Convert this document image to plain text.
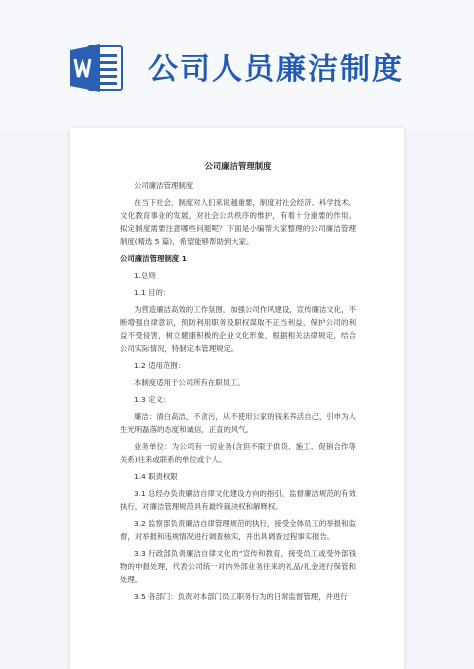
公司人员廉洁制度
公司廉洁管理制度

公司廉洁管理制度

在当下社会，制度对人们来说越重要，制度对社会经济、科学技术、文化教育事业的发展，对社会公共秩序的维护，有着十分重要的作用。拟定制度需要注意哪些问题呢？下面是小编帮大家整理的公司廉洁管理制度(精选 5 篇)，希望能够帮助到大家。

公司廉洁管理制度 1

1.总则

1.1 目的：

为营造廉洁高效的工作氛围，加强公司作风建设，宣传廉洁文化，不断增强自律意识，预防利用职务及职权谋取不正当利益，保护公司的利益不受侵害，树立健康积极的企业文化形象，根据相关法律规定，结合公司实际情况，特制定本管理规定。

1.2 适用范围：

本制度适用于公司所有在职员工。

1.3 定义：

廉洁：清白高洁，不贪污，从不使用公家的钱来养活自己，引申为人生光明磊落的态度和诚信，正直的风气。

业务单位：为公司有一切业务(含但不限于供货、施工、促销合作等关系)往来或联系的单位或个人。

1.4 职责权限

3.1 总经办负责廉洁自律文化建设方向的指引，监督廉洁规范的有效执行，对廉洁管理规范具有最终裁决权和解释权。

3.2 监察部负责廉洁自律管理规范的执行，接受全体员工的举报和监督，对举报和违规情况进行调查核实，并出具调查过程事实报告。

3.3 行政部负责廉洁自律文化的“宣传和教育，接受员工或受外部钱物的申报处理，代表公司统一对内外部业务往来的礼品/礼金进行保管和处理。

3.5 各部门：负责对本部门员工职务行为的日常监督管理，并进行
